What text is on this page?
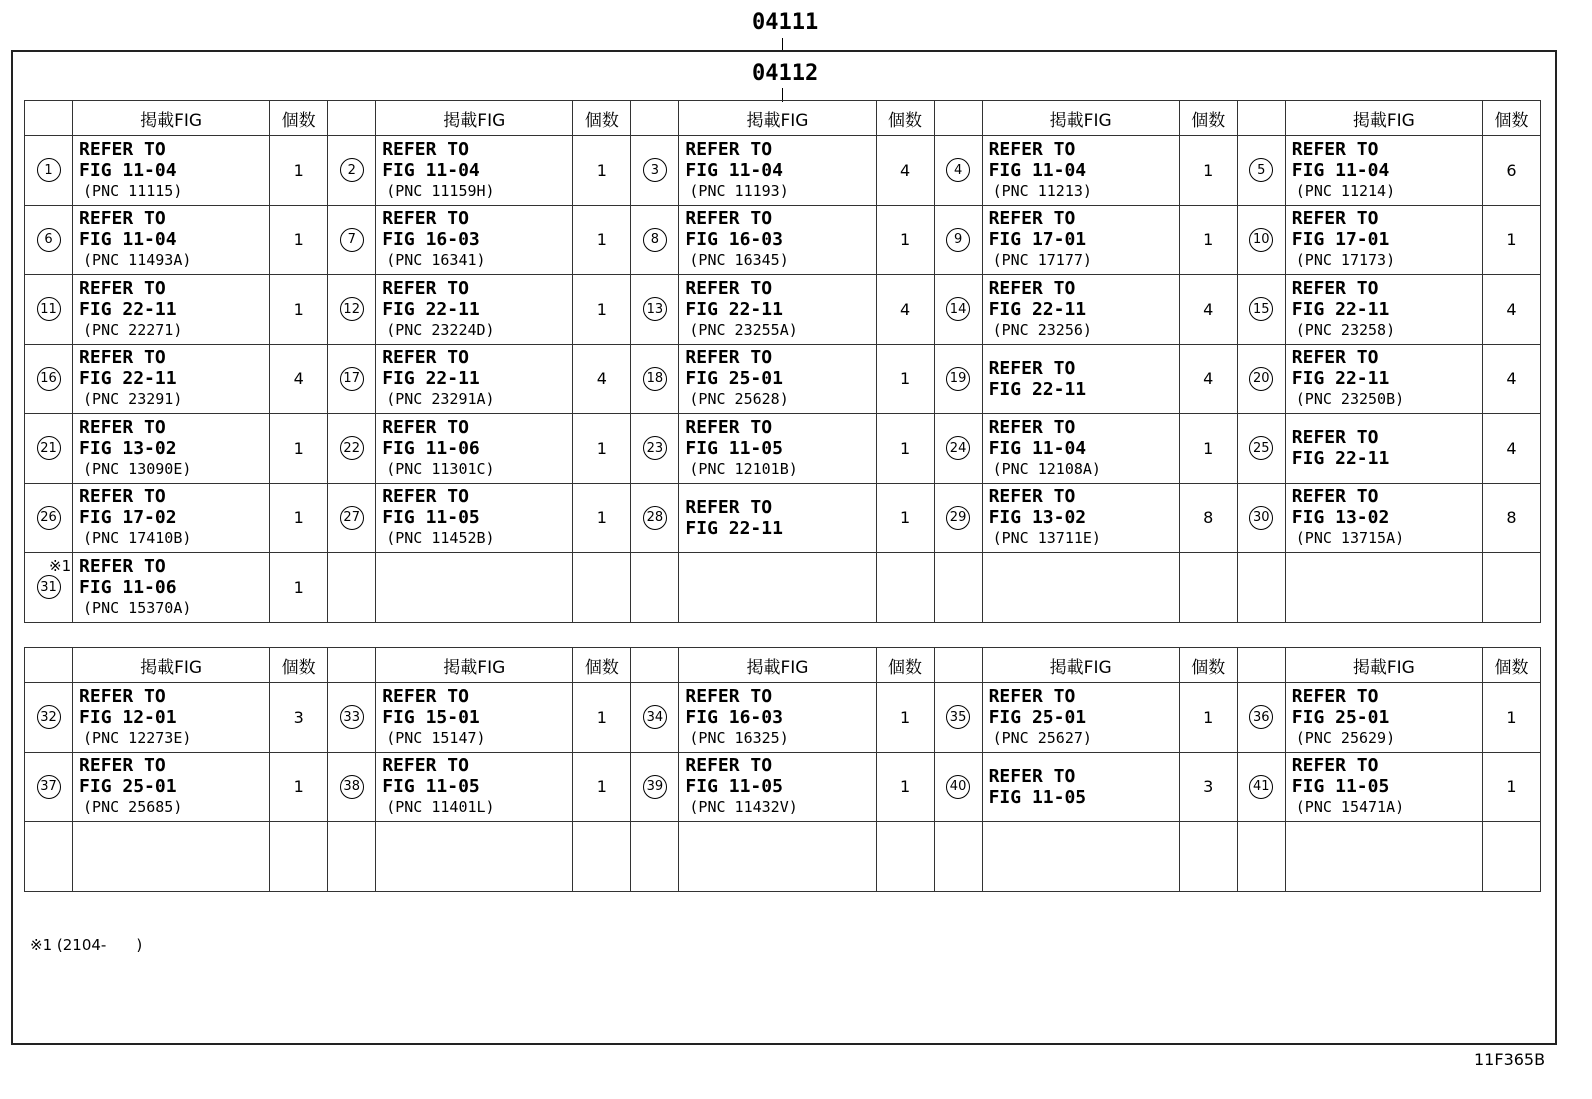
04111
04112
	掲載FIG	個数		掲載FIG	個数		掲載FIG	個数		掲載FIG	個数		掲載FIG	個数
1	REFER TO
FIG 11-04
(PNC 11115)	1	2	REFER TO
FIG 11-04
(PNC 11159H)	1	3	REFER TO
FIG 11-04
(PNC 11193)	4	4	REFER TO
FIG 11-04
(PNC 11213)	1	5	REFER TO
FIG 11-04
(PNC 11214)	6
6	REFER TO
FIG 11-04
(PNC 11493A)	1	7	REFER TO
FIG 16-03
(PNC 16341)	1	8	REFER TO
FIG 16-03
(PNC 16345)	1	9	REFER TO
FIG 17-01
(PNC 17177)	1	10	REFER TO
FIG 17-01
(PNC 17173)	1
11	REFER TO
FIG 22-11
(PNC 22271)	1	12	REFER TO
FIG 22-11
(PNC 23224D)	1	13	REFER TO
FIG 22-11
(PNC 23255A)	4	14	REFER TO
FIG 22-11
(PNC 23256)	4	15	REFER TO
FIG 22-11
(PNC 23258)	4
16	REFER TO
FIG 22-11
(PNC 23291)	4	17	REFER TO
FIG 22-11
(PNC 23291A)	4	18	REFER TO
FIG 25-01
(PNC 25628)	1	19	REFER TO
FIG 22-11	4	20	REFER TO
FIG 22-11
(PNC 23250B)	4
21	REFER TO
FIG 13-02
(PNC 13090E)	1	22	REFER TO
FIG 11-06
(PNC 11301C)	1	23	REFER TO
FIG 11-05
(PNC 12101B)	1	24	REFER TO
FIG 11-04
(PNC 12108A)	1	25	REFER TO
FIG 22-11	4
26	REFER TO
FIG 17-02
(PNC 17410B)	1	27	REFER TO
FIG 11-05
(PNC 11452B)	1	28	REFER TO
FIG 22-11	1	29	REFER TO
FIG 13-02
(PNC 13711E)	8	30	REFER TO
FIG 13-02
(PNC 13715A)	8
31	※1 REFER TO
FIG 11-06
(PNC 15370A)	1		

	掲載FIG	個数		掲載FIG	個数		掲載FIG	個数		掲載FIG	個数		掲載FIG	個数
32	REFER TO
FIG 12-01
(PNC 12273E)	3	33	REFER TO
FIG 15-01
(PNC 15147)	1	34	REFER TO
FIG 16-03
(PNC 16325)	1	35	REFER TO
FIG 25-01
(PNC 25627)	1	36	REFER TO
FIG 25-01
(PNC 25629)	1
37	REFER TO
FIG 25-01
(PNC 25685)	1	38	REFER TO
FIG 11-05
(PNC 11401L)	1	39	REFER TO
FIG 11-05
(PNC 11432V)	1	40	REFER TO
FIG 11-05	3	41	REFER TO
FIG 11-05
(PNC 15471A)	1

※1 (2104-　　)
11F365B
